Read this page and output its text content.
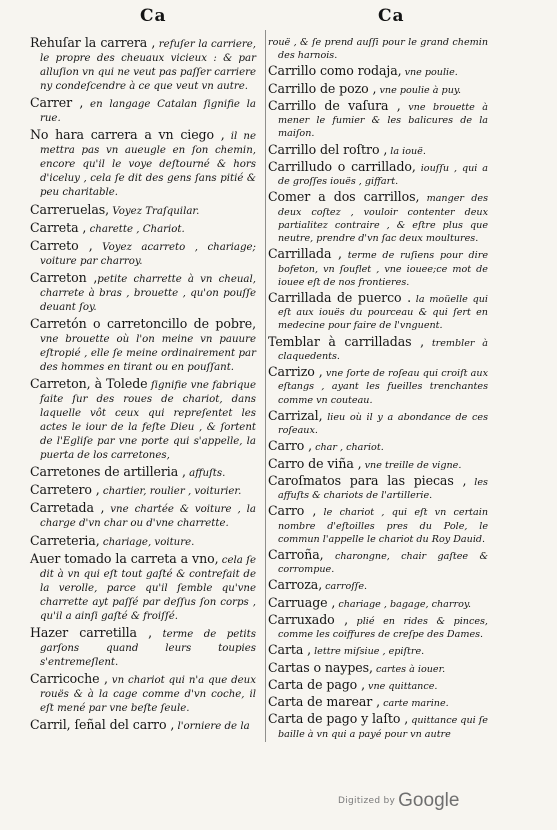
Ca	Ca
Rehuſar la carrera , refuſer la carriere, le propre des cheuaux vicieux : & par alluſion vn qui ne veut pas paſſer carriere ny condeſcendre à ce que veut vn autre.
Carrer , en langage Catalan ſignifie la rue.
No hara carrera a vn ciego , il ne mettra pas vn aueugle en ſon chemin, encore qu'il le voye deſtourné & hors d'iceluy , cela ſe dit des gens ſans pitié & peu charitable.
Carreruelas, Voyez Traſquilar.
Carreta , charette , Chariot.
Carreto , Voyez acarreto , chariage; voiture par charroy.
Carreton ,petite charrette à vn cheual, charrete à bras , brouette , qu'on pouſſe deuant ſoy.
Carretón o carretoncillo de pobre, vne brouette où l'on meine vn pauure eſtropié , elle ſe meine ordinairement par des hommes en tirant ou en pouſſant.
Carreton, à Tolede ſignifie vne fabrique faite ſur des roues de chariot, dans laquelle vôt ceux qui repreſentet les actes le iour de la feſte Dieu , & ſortent de l'Egliſe par vne porte qui s'appelle, la puerta de los carretones,
Carretones de artilleria , affuſts.
Carretero , chartier, roulier , voiturier.
Carretada , vne chartée & voiture , la charge d'vn char ou d'vne charrette.
Carreteria, chariage, voiture.
Auer tomado la carreta a vno, cela ſe dit à vn qui eſt tout gaſté & contrefait de la verolle, parce qu'il ſemble qu'vne charrette ayt paſſé par deſſus ſon corps , qu'il a ainſi gaſté & froiſſé.
Hazer carretilla , terme de petits garſons quand leurs toupies s'entremeſlent.
Carricoche , vn chariot qui n'a que deux rouës & à la cage comme d'vn coche, il eſt mené par vne beſte ſeule.
Carril, ſeñal del carro , l'orniere de la
rouë , & ſe prend auſſi pour le grand chemin des harnois.
Carrillo como rodaja, vne poulie.
Carrillo de pozo , vne poulie à puy.
Carrillo de vaſura , vne brouette à mener le fumier & les balicures de la maiſon.
Carrillo del roſtro , la iouë.
Carrilludo o carrillado, iouſſu , qui a de groſſes iouës , giffart.
Comer a dos carrillos, manger des deux coſtez , vouloir contenter deux partialitez contraire , & eſtre plus que neutre, prendre d'vn ſac deux moultures.
Carrillada , terme de ruſiens pour dire bofeton, vn ſouflet , vne iouee;ce mot de iouee eſt de nos frontieres.
Carrillada de puerco . la moüelle qui eſt aux iouës du pourceau & qui ſert en medecine pour faire de l'vnguent.
Temblar à carrilladas , trembler à claquedents.
Carrizo , vne ſorte de roſeau qui croiſt aux eſtangs , ayant les fueilles trenchantes comme vn couteau.
Carrizal, lieu où il y a abondance de ces roſeaux.
Carro , char , chariot.
Carro de viña , vne treille de vigne.
Caroſmatos para las piecas , les affuſts & chariots de l'artillerie.
Carro , le chariot , qui eſt vn certain nombre d'eſtoilles pres du Pole, le commun l'appelle le chariot du Roy Dauid.
Carroña, charongne, chair gaſtee & corrompue.
Carroza, carroſſe.
Carruage , chariage , bagage, charroy.
Carruxado , plié en rides & pinces, comme les coiffures de creſpe des Dames.
Carta , lettre miſsiue , epiſtre.
Cartas o naypes, cartes à iouer.
Carta de pago , vne quittance.
Carta de marear , carte marine.
Carta de pago y laſto , quittance qui ſe baille à vn qui a payé pour vn autre
Digitized by Google
